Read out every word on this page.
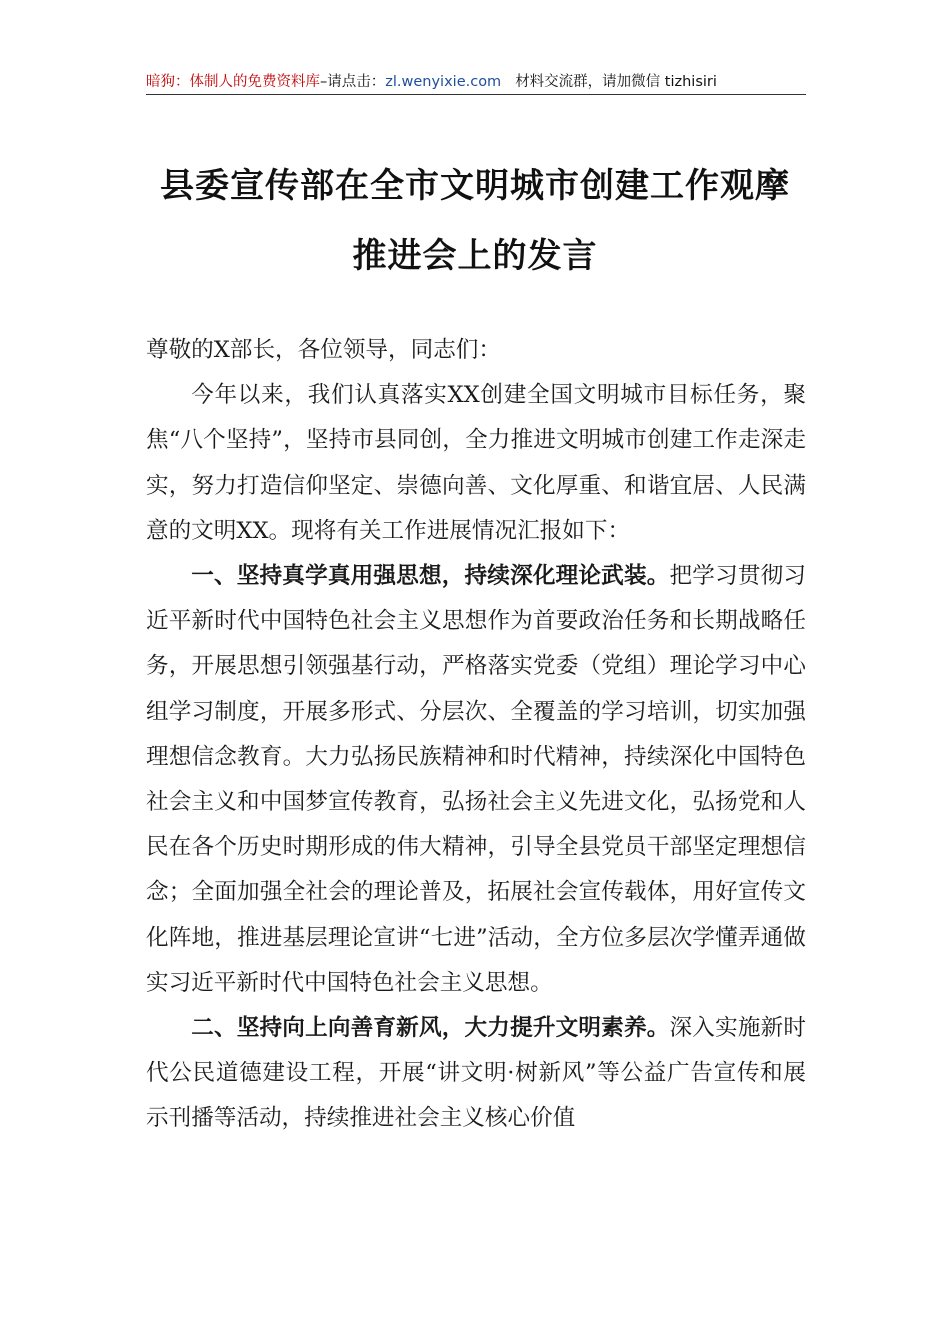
暗狗：体制人的免费资料库–请点击：zl.wenyixie.com 材料交流群，请加微信 tizhisiri
县委宣传部在全市文明城市创建工作观摩
推进会上的发言

尊敬的X部长，各位领导，同志们：

今年以来，我们认真落实XX创建全国文明城市目标任务，聚焦“八个坚持”，坚持市县同创，全力推进文明城市创建工作走深走实，努力打造信仰坚定、崇德向善、文化厚重、和谐宜居、人民满意的文明XX。现将有关工作进展情况汇报如下：

一、坚持真学真用强思想，持续深化理论武装。把学习贯彻习近平新时代中国特色社会主义思想作为首要政治任务和长期战略任务，开展思想引领强基行动，严格落实党委（党组）理论学习中心组学习制度，开展多形式、分层次、全覆盖的学习培训，切实加强理想信念教育。大力弘扬民族精神和时代精神，持续深化中国特色社会主义和中国梦宣传教育，弘扬社会主义先进文化，弘扬党和人民在各个历史时期形成的伟大精神，引导全县党员干部坚定理想信念；全面加强全社会的理论普及，拓展社会宣传载体，用好宣传文化阵地，推进基层理论宣讲“七进”活动，全方位多层次学懂弄通做实习近平新时代中国特色社会主义思想。

二、坚持向上向善育新风，大力提升文明素养。深入实施新时代公民道德建设工程，开展“讲文明·树新风”等公益广告宣传和展示刊播等活动，持续推进社会主义核心价值
